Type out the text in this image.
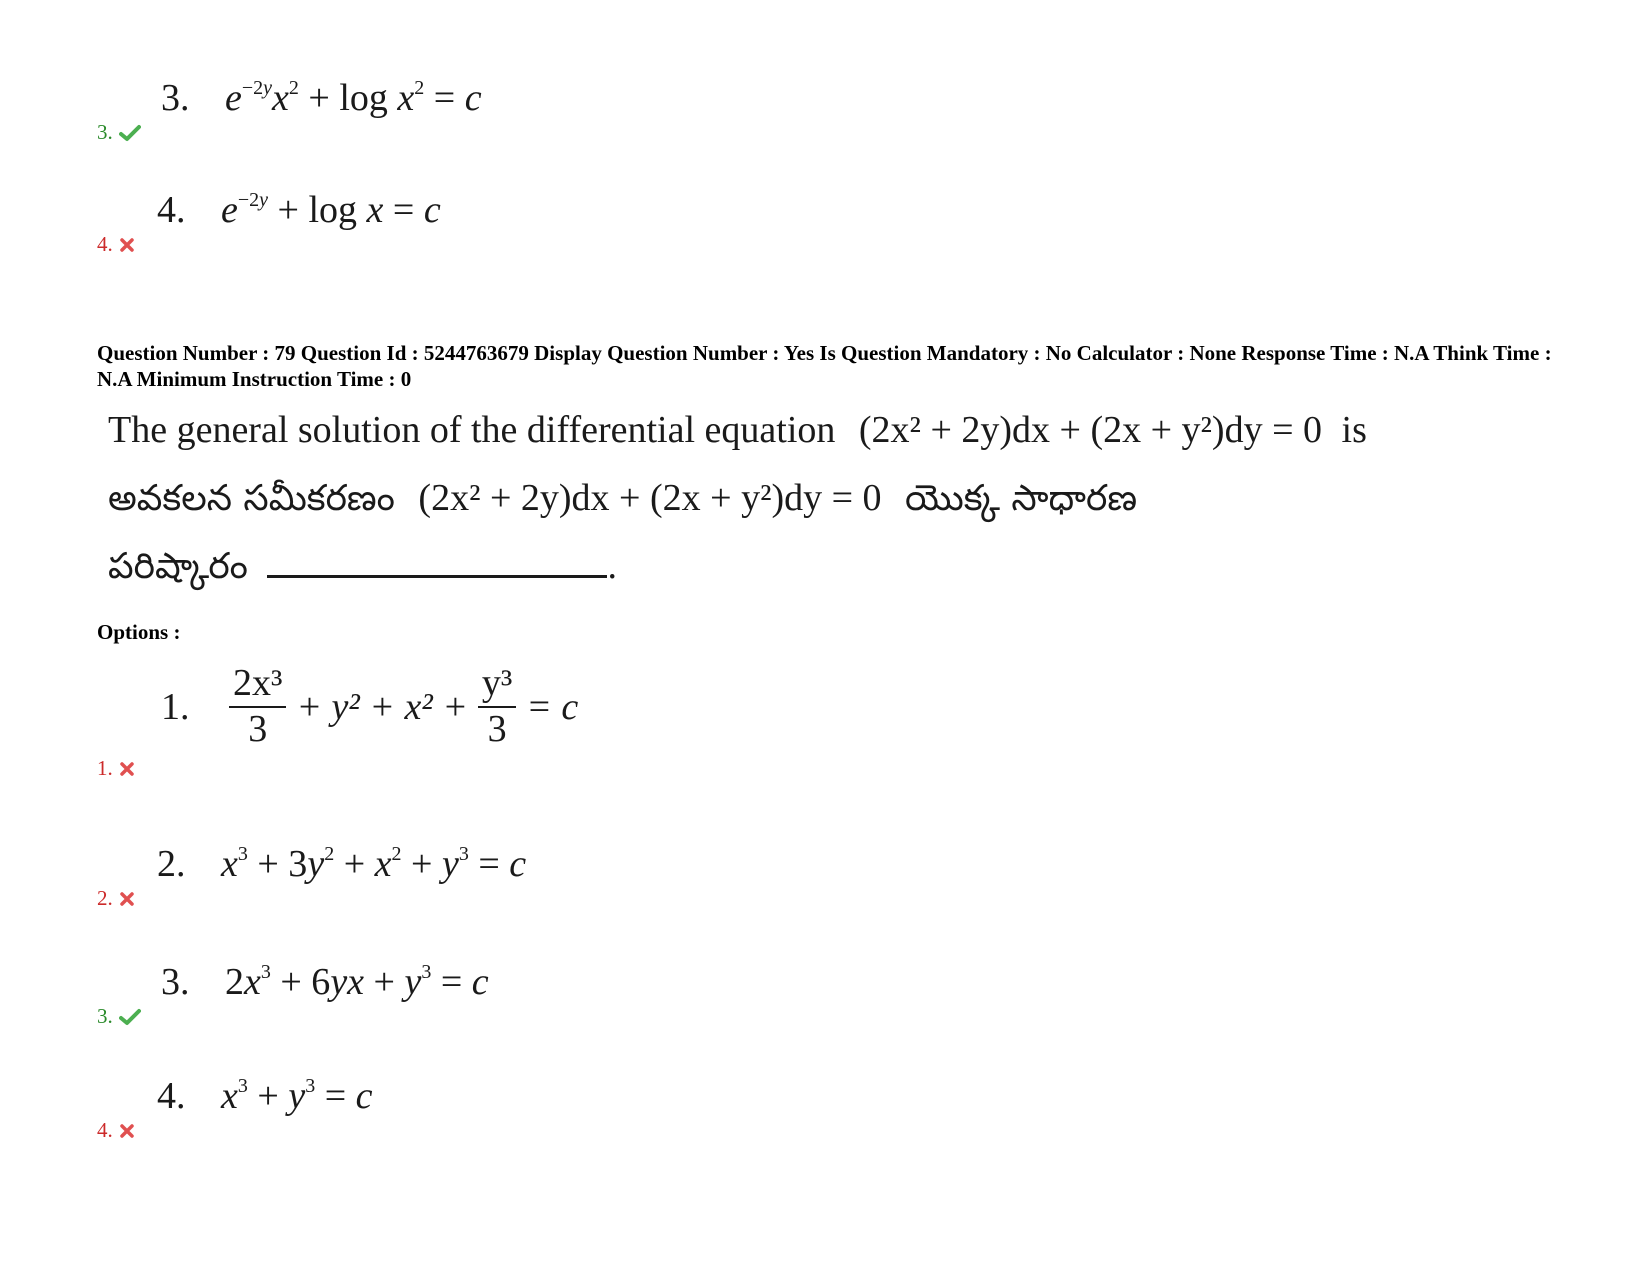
3. $e^{-2y}x^2 + \log x^2 = c$
3.
4. $e^{-2y} + \log x = c$
4.
Question Number : 79 Question Id : 5244763679 Display Question Number : Yes Is Question Mandatory : No Calculator : None Response Time : N.A Think Time : N.A Minimum Instruction Time : 0
The general solution of the differential equation (2x² + 2y)dx + (2x + y²)dy = 0 is
అవకలన సమీకరణం (2x² + 2y)dx + (2x + y²)dy = 0 యొక్క సాధారణ
పరిష్కారం	.
Options :
1.	$\frac{\text{2x³}}{3} + y^2 + x^2 + \frac{\text{y³}}{3} = c$
1.
2. $x^3 + 3y^2 + x^2 + y^3 = c$
2.
3. $2x^3 + 6yx + y^3 = c$
3.
4. $x^3 + y^3 = c$
4.
